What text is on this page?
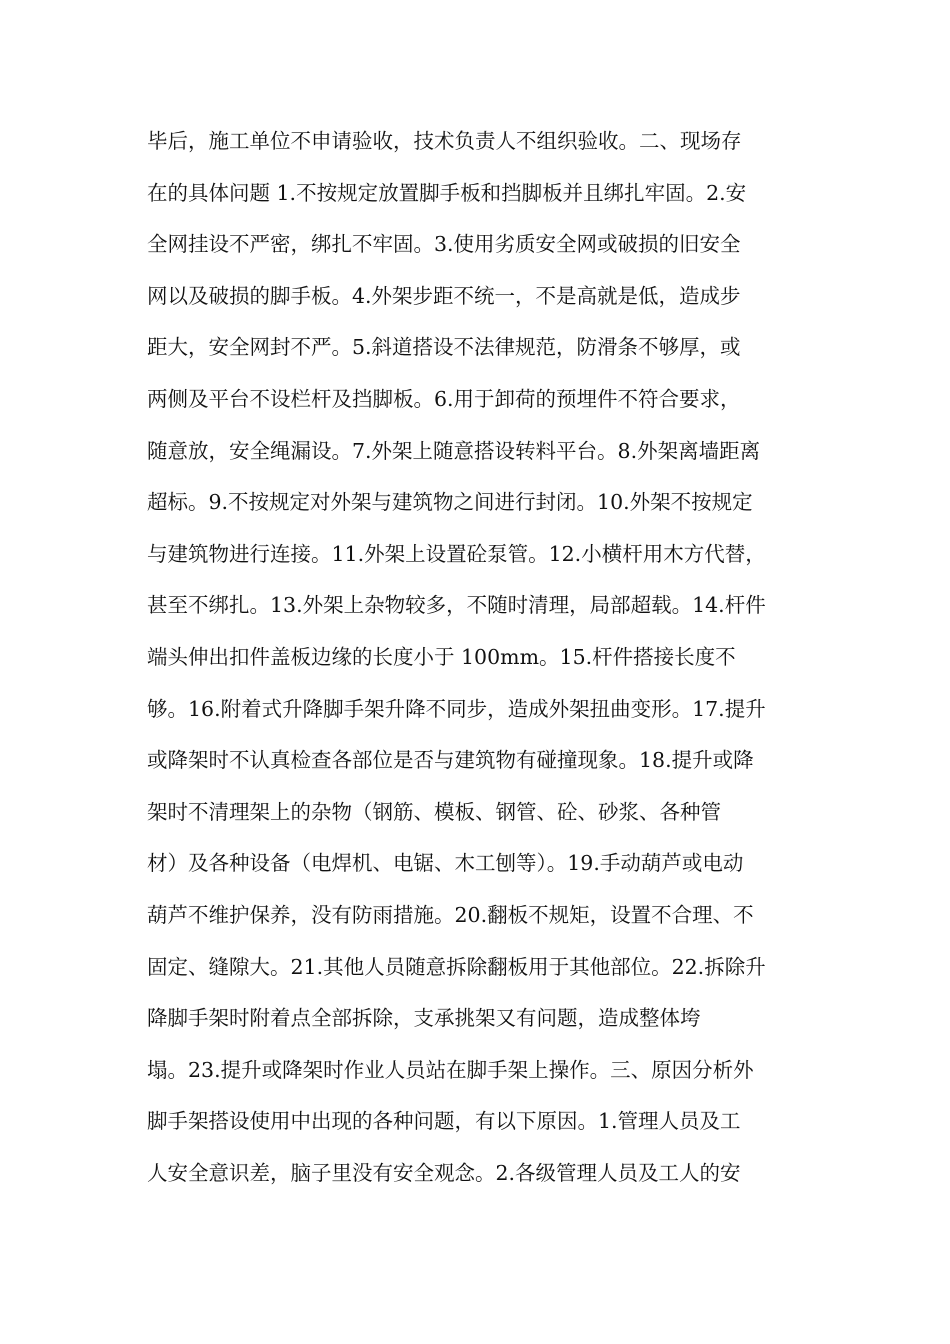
毕后，施工单位不申请验收，技术负责人不组织验收。二、现场存
在的具体问题 1.不按规定放置脚手板和挡脚板并且绑扎牢固。2.安
全网挂设不严密，绑扎不牢固。3.使用劣质安全网或破损的旧安全
网以及破损的脚手板。4.外架步距不统一，不是高就是低，造成步
距大，安全网封不严。5.斜道搭设不法律规范，防滑条不够厚，或
两侧及平台不设栏杆及挡脚板。6.用于卸荷的预埋件不符合要求，
随意放，安全绳漏设。7.外架上随意搭设转料平台。8.外架离墙距离
超标。9.不按规定对外架与建筑物之间进行封闭。10.外架不按规定
与建筑物进行连接。11.外架上设置砼泵管。12.小横杆用木方代替，
甚至不绑扎。13.外架上杂物较多，不随时清理，局部超载。14.杆件
端头伸出扣件盖板边缘的长度小于 100mm。15.杆件搭接长度不
够。16.附着式升降脚手架升降不同步，造成外架扭曲变形。17.提升
或降架时不认真检查各部位是否与建筑物有碰撞现象。18.提升或降
架时不清理架上的杂物（钢筋、模板、钢管、砼、砂浆、各种管
材）及各种设备（电焊机、电锯、木工刨等）。19.手动葫芦或电动
葫芦不维护保养，没有防雨措施。20.翻板不规矩，设置不合理、不
固定、缝隙大。21.其他人员随意拆除翻板用于其他部位。22.拆除升
降脚手架时附着点全部拆除，支承挑架又有问题，造成整体垮
塌。23.提升或降架时作业人员站在脚手架上操作。三、原因分析外
脚手架搭设使用中出现的各种问题，有以下原因。1.管理人员及工
人安全意识差，脑子里没有安全观念。2.各级管理人员及工人的安
